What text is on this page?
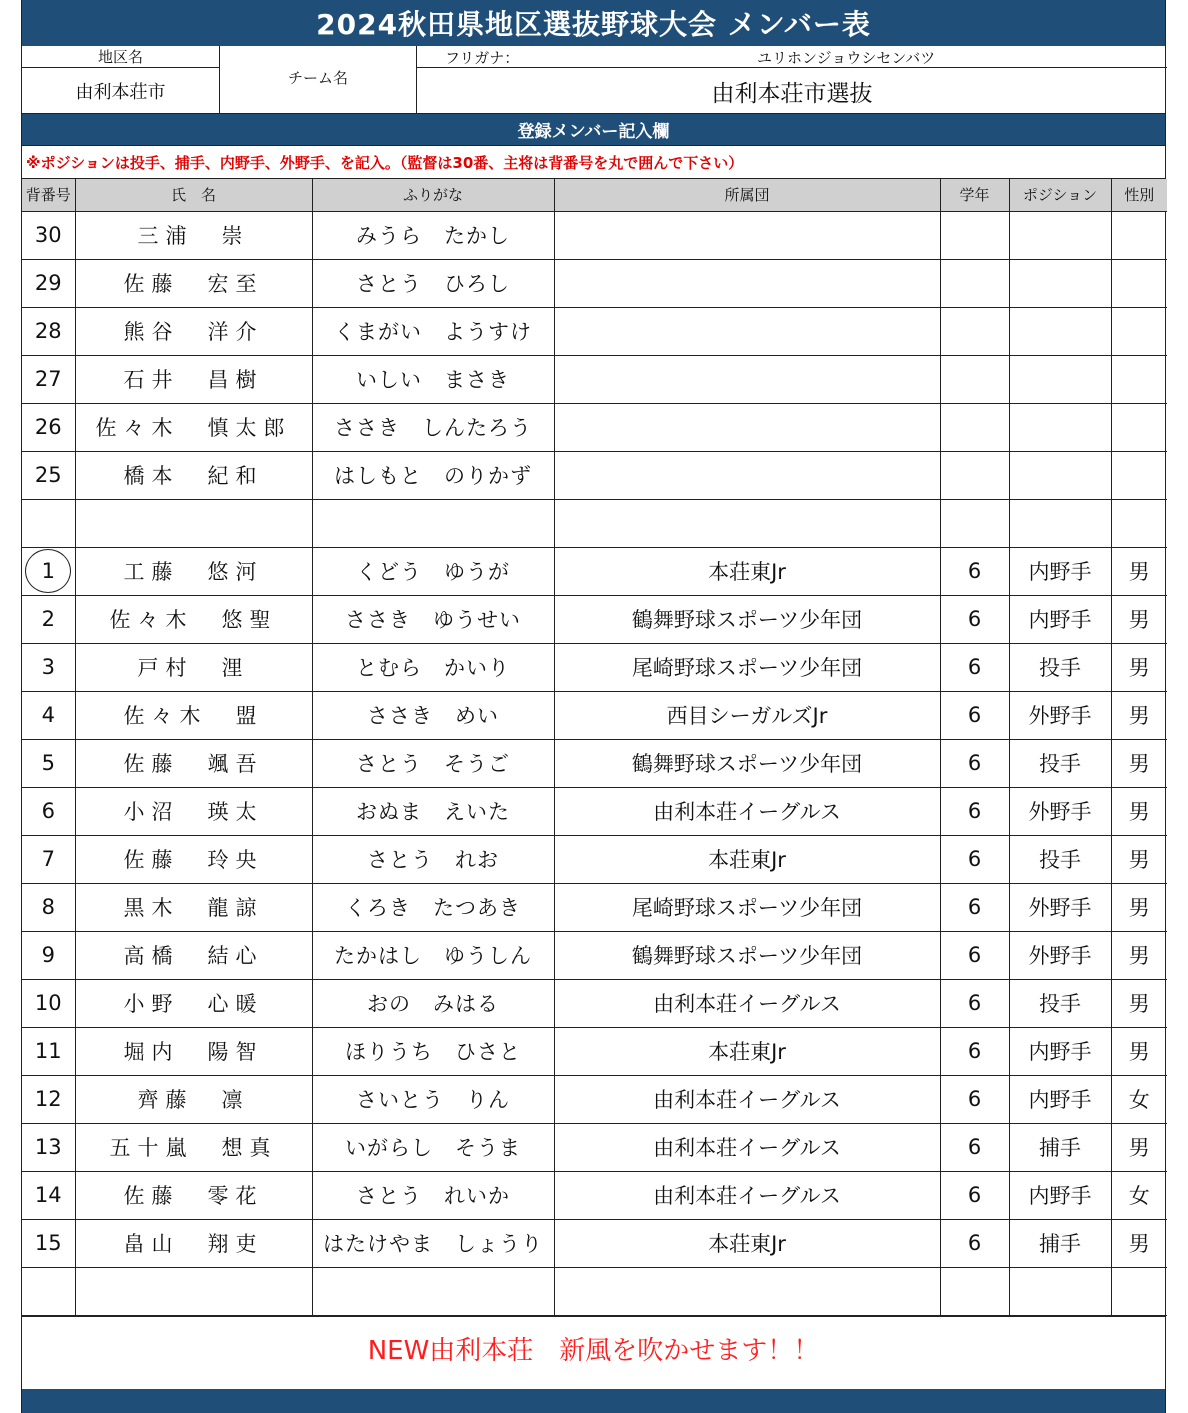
2024秋田県地区選抜野球大会 メンバー表
地区名
由利本荘市
チーム名
フリガナ：	ユリホンジョウシセンバツ
由利本荘市選抜
登録メンバー記入欄
※ポジションは投手、捕手、内野手、外野手、を記入。（監督は30番、主将は背番号を丸で囲んで下さい）
背番号	氏　名	ふりがな	所属団	学年	ポジション	性別
30	三浦　崇	みうら　たかし				
29	佐藤　宏至	さとう　ひろし				
28	熊谷　洋介	くまがい　ようすけ				
27	石井　昌樹	いしい　まさき				
26	佐々木　慎太郎	ささき　しんたろう				
25	橋本　紀和	はしもと　のりかず				

1	工藤　悠河	くどう　ゆうが	本荘東Jr	6	内野手	男
2	佐々木　悠聖	ささき　ゆうせい	鶴舞野球スポーツ少年団	6	内野手	男
3	戸村　浬	とむら　かいり	尾崎野球スポーツ少年団	6	投手	男
4	佐々木　盟	ささき　めい	西目シーガルズJr	6	外野手	男
5	佐藤　颯吾	さとう　そうご	鶴舞野球スポーツ少年団	6	投手	男
6	小沼　瑛太	おぬま　えいた	由利本荘イーグルス	6	外野手	男
7	佐藤　玲央	さとう　れお	本荘東Jr	6	投手	男
8	黒木　龍諒	くろき　たつあき	尾崎野球スポーツ少年団	6	外野手	男
9	高橋　結心	たかはし　ゆうしん	鶴舞野球スポーツ少年団	6	外野手	男
10	小野　心暖	おの　みはる	由利本荘イーグルス	6	投手	男
11	堀内　陽智	ほりうち　ひさと	本荘東Jr	6	内野手	男
12	齊藤　凛	さいとう　りん	由利本荘イーグルス	6	内野手	女
13	五十嵐　想真	いがらし　そうま	由利本荘イーグルス	6	捕手	男
14	佐藤　零花	さとう　れいか	由利本荘イーグルス	6	内野手	女
15	畠山　翔吏	はたけやま　しょうり	本荘東Jr	6	捕手	男

NEW由利本荘　新風を吹かせます！！
